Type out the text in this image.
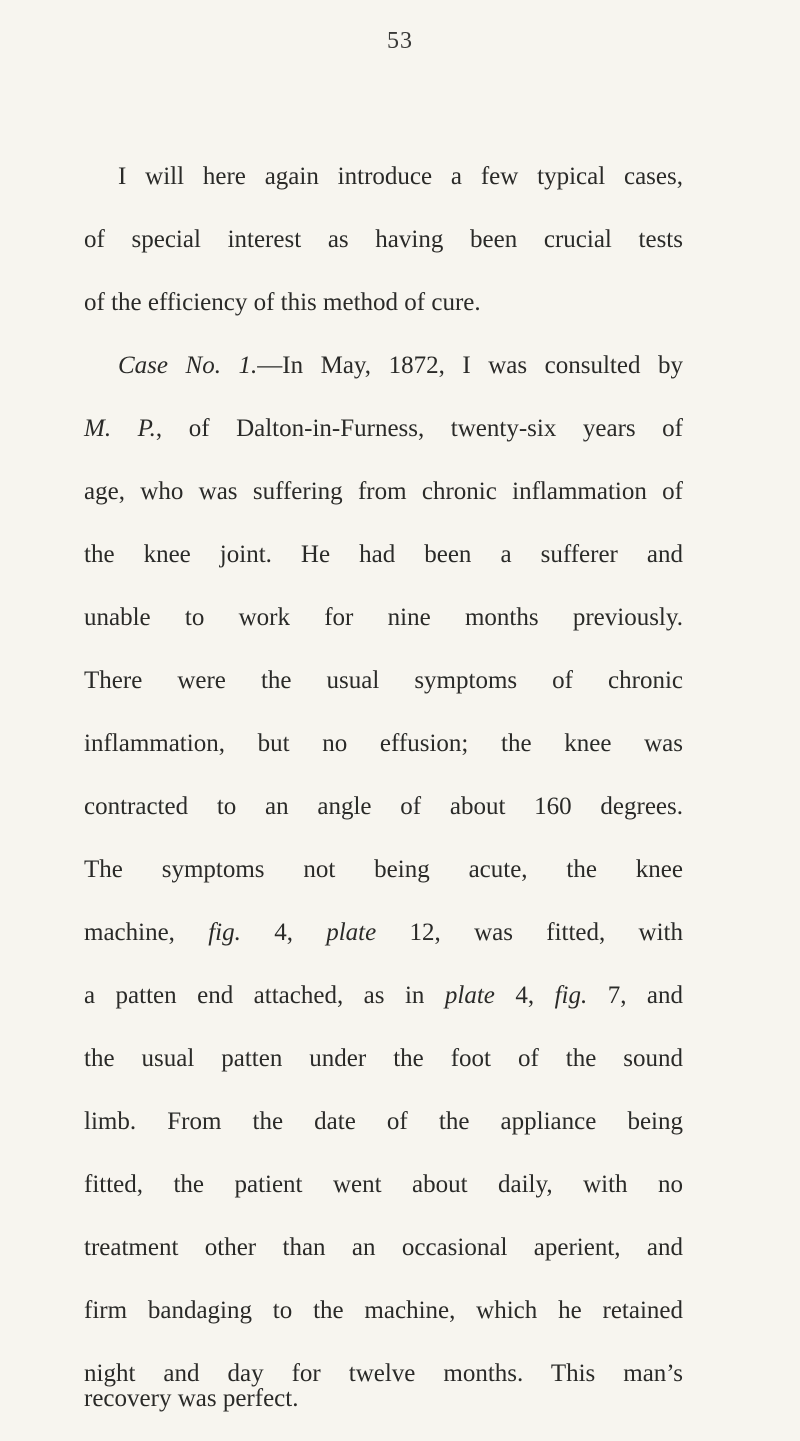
53
I will here again introduce a few typical cases,
of special interest as having been crucial tests
of the efficiency of this method of cure.
Case No. 1.—In May, 1872, I was consulted by
M. P., of Dalton-in-Furness, twenty-six years of
age, who was suffering from chronic inflammation of
the knee joint. He had been a sufferer and
unable to work for nine months previously.
There were the usual symptoms of chronic
inflammation, but no effusion; the knee was
contracted to an angle of about 160 degrees.
The symptoms not being acute, the knee
machine, fig. 4, plate 12, was fitted, with
a patten end attached, as in plate 4, fig. 7, and
the usual patten under the foot of the sound
limb. From the date of the appliance being
fitted, the patient went about daily, with no
treatment other than an occasional aperient, and
firm bandaging to the machine, which he retained
night and day for twelve months. This man’s
recovery was perfect.
